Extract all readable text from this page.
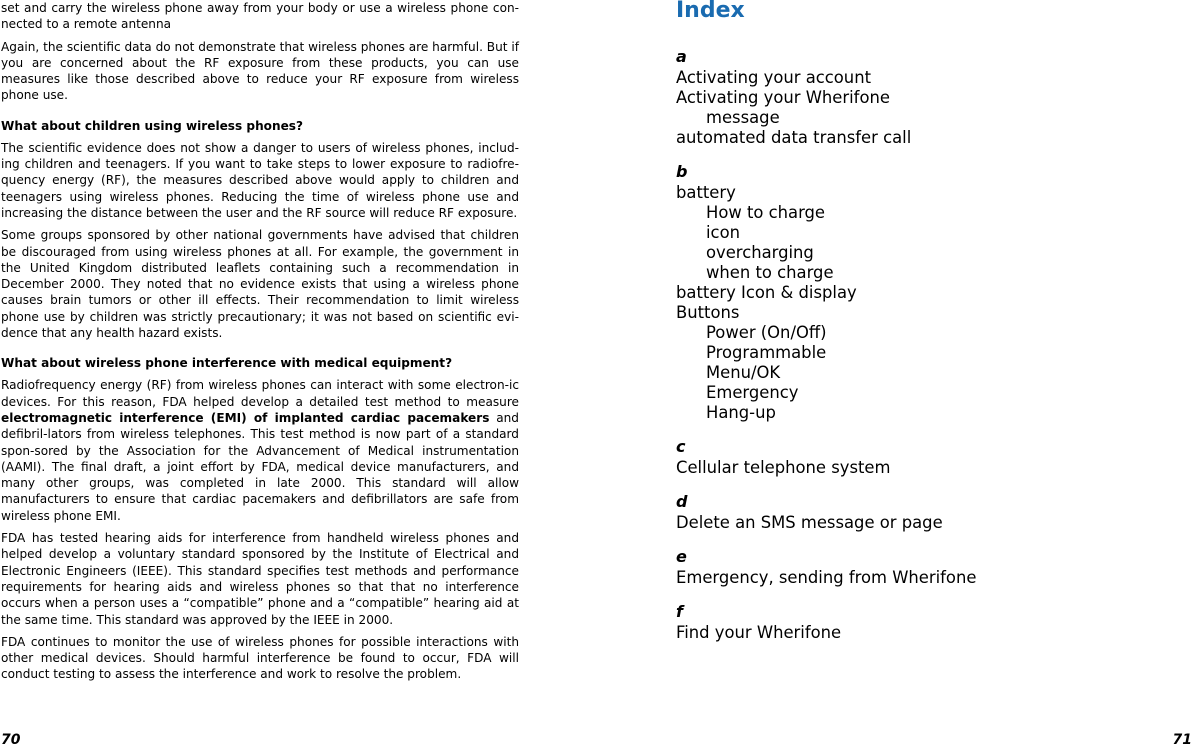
set and carry the wireless phone away from your body or use a wireless phone con-nected to a remote antenna

Again, the scientific data do not demonstrate that wireless phones are harmful. But if you are concerned about the RF exposure from these products, you can use measures like those described above to reduce your RF exposure from wireless phone use.

What about children using wireless phones?

The scientific evidence does not show a danger to users of wireless phones, includ-ing children and teenagers. If you want to take steps to lower exposure to radiofre-quency energy (RF), the measures described above would apply to children and teenagers using wireless phones. Reducing the time of wireless phone use and increasing the distance between the user and the RF source will reduce RF exposure.

Some groups sponsored by other national governments have advised that children be discouraged from using wireless phones at all. For example, the government in the United Kingdom distributed leaflets containing such a recommendation in December 2000. They noted that no evidence exists that using a wireless phone causes brain tumors or other ill effects. Their recommendation to limit wireless phone use by children was strictly precautionary; it was not based on scientific evi-dence that any health hazard exists.

What about wireless phone interference with medical equipment?

Radiofrequency energy (RF) from wireless phones can interact with some electron-ic devices. For this reason, FDA helped develop a detailed test method to measure electromagnetic interference (EMI) of implanted cardiac pacemakers and defibril-lators from wireless telephones. This test method is now part of a standard spon-sored by the Association for the Advancement of Medical instrumentation (AAMI). The final draft, a joint effort by FDA, medical device manufacturers, and many other groups, was completed in late 2000. This standard will allow manufacturers to ensure that cardiac pacemakers and defibrillators are safe from wireless phone EMI.

FDA has tested hearing aids for interference from handheld wireless phones and helped develop a voluntary standard sponsored by the Institute of Electrical and Electronic Engineers (IEEE). This standard specifies test methods and performance requirements for hearing aids and wireless phones so that that no interference occurs when a person uses a “compatible” phone and a “compatible” hearing aid at the same time. This standard was approved by the IEEE in 2000.

FDA continues to monitor the use of wireless phones for possible interactions with other medical devices. Should harmful interference be found to occur, FDA will conduct testing to assess the interference and work to resolve the problem.

Index
a
Activating your account
Activating your Wherifone
message
automated data transfer call
b
battery
How to charge
icon
overcharging
when to charge
battery Icon & display
Buttons
Power (On/Off)
Programmable
Menu/OK
Emergency
Hang-up
c
Cellular telephone system
d
Delete an SMS message or page
e
Emergency, sending from Wherifone
f
Find your Wherifone
70	71
